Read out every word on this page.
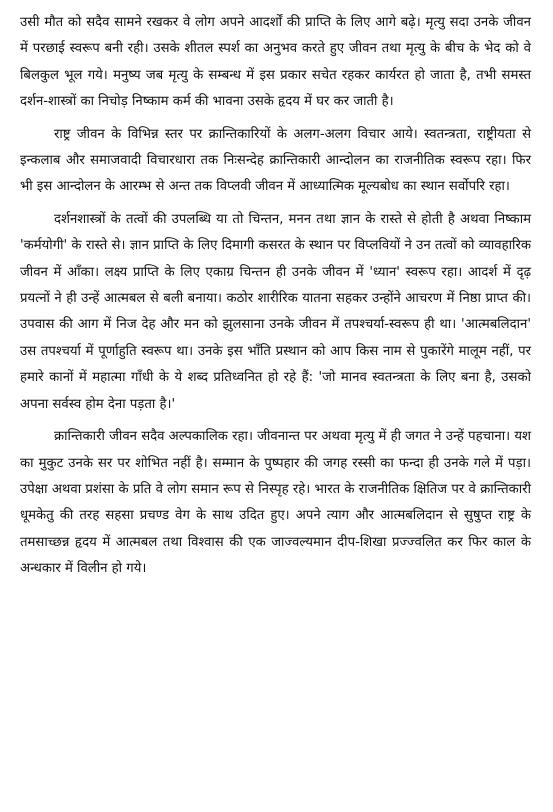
उसी मौत को सदैव सामने रखकर वे लोग अपने आदर्शों की प्राप्ति के लिए आगे बढ़े। मृत्यु सदा उनके जीवन में परछाई स्वरूप बनी रही। उसके शीतल स्पर्श का अनुभव करते हुए जीवन तथा मृत्यु के बीच के भेद को वे बिलकुल भूल गये। मनुष्य जब मृत्यु के सम्बन्ध में इस प्रकार सचेत रहकर कार्यरत हो जाता है, तभी समस्त दर्शन-शास्त्रों का निचोड़ निष्काम कर्म की भावना उसके हृदय में घर कर जाती है।

राष्ट्र जीवन के विभिन्न स्तर पर क्रान्तिकारियों के अलग-अलग विचार आये। स्वतन्त्रता, राष्ट्रीयता से इन्कलाब और समाजवादी विचारधारा तक निःसन्देह क्रान्तिकारी आन्दोलन का राजनीतिक स्वरूप रहा। फिर भी इस आन्दोलन के आरम्भ से अन्त तक विप्लवी जीवन में आध्यात्मिक मूल्यबोध का स्थान सर्वोपरि रहा।

दर्शनशास्त्रों के तत्वों की उपलब्धि या तो चिन्तन, मनन तथा ज्ञान के रास्ते से होती है अथवा निष्काम 'कर्मयोगी' के रास्ते से। ज्ञान प्राप्ति के लिए दिमागी कसरत के स्थान पर विप्लवियों ने उन तत्वों को व्यावहारिक जीवन में आँका। लक्ष्य प्राप्ति के लिए एकाग्र चिन्तन ही उनके जीवन में 'ध्यान' स्वरूप रहा। आदर्श में दृढ़ प्रयत्नों ने ही उन्हें आत्मबल से बली बनाया। कठोर शारीरिक यातना सहकर उन्होंने आचरण में निष्ठा प्राप्त की। उपवास की आग में निज देह और मन को झुलसाना उनके जीवन में तपश्चर्या-स्वरूप ही था। 'आत्मबलिदान' उस तपश्चर्या में पूर्णाहुति स्वरूप था। उनके इस भाँति प्रस्थान को आप किस नाम से पुकारेंगे मालूम नहीं, पर हमारे कानों में महात्मा गाँधी के ये शब्द प्रतिध्वनित हो रहे हैं: 'जो मानव स्वतन्त्रता के लिए बना है, उसको अपना सर्वस्व होम देना पड़ता है।'

क्रान्तिकारी जीवन सदैव अल्पकालिक रहा। जीवनान्त पर अथवा मृत्यु में ही जगत ने उन्हें पहचाना। यश का मुकुट उनके सर पर शोभित नहीं है। सम्मान के पुष्पहार की जगह रस्सी का फन्दा ही उनके गले में पड़ा। उपेक्षा अथवा प्रशंसा के प्रति वे लोग समान रूप से निस्पृह रहे। भारत के राजनीतिक क्षितिज पर वे क्रान्तिकारी धूमकेतु की तरह सहसा प्रचण्ड वेग के साथ उदित हुए। अपने त्याग और आत्मबलिदान से सुषुप्त राष्ट्र के तमसाच्छन्न हृदय में आत्मबल तथा विश्वास की एक जाज्वल्यमान दीप-शिखा प्रज्ज्वलित कर फिर काल के अन्धकार में विलीन हो गये।
